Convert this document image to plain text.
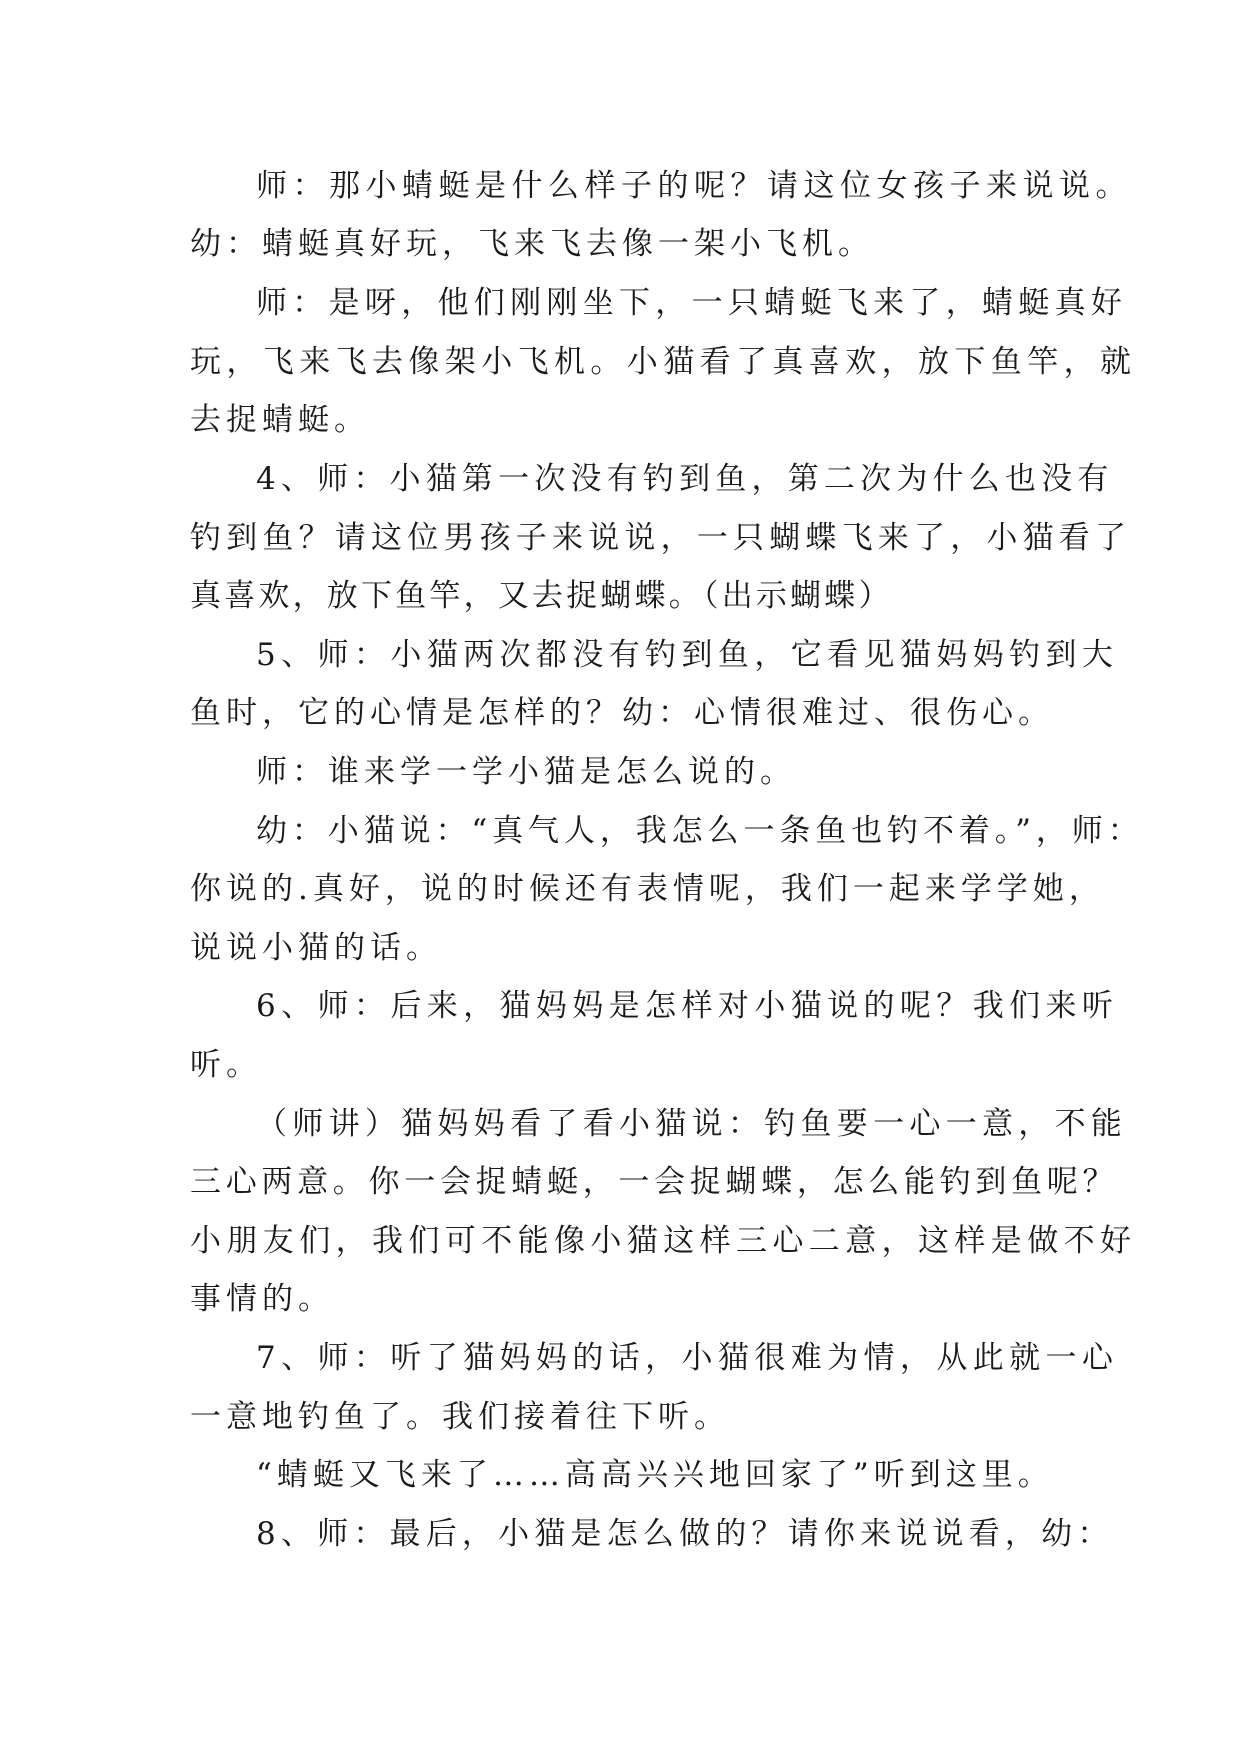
师：那小蜻蜓是什么样子的呢？请这位女孩子来说说。
幼：蜻蜓真好玩，飞来飞去像一架小飞机。
师：是呀，他们刚刚坐下，一只蜻蜓飞来了，蜻蜓真好
玩，飞来飞去像架小飞机。小猫看了真喜欢，放下鱼竿，就
去捉蜻蜓。
4、师：小猫第一次没有钓到鱼，第二次为什么也没有
钓到鱼？请这位男孩子来说说，一只蝴蝶飞来了，小猫看了
真喜欢，放下鱼竿，又去捉蝴蝶。（出示蝴蝶）
5、师：小猫两次都没有钓到鱼，它看见猫妈妈钓到大
鱼时，它的心情是怎样的？幼：心情很难过、很伤心。
师：谁来学一学小猫是怎么说的。
幼：小猫说：“真气人，我怎么一条鱼也钓不着。”，师：
你说的.真好，说的时候还有表情呢，我们一起来学学她，
说说小猫的话。
6、师：后来，猫妈妈是怎样对小猫说的呢？我们来听
听。
（师讲）猫妈妈看了看小猫说：钓鱼要一心一意，不能
三心两意。你一会捉蜻蜓，一会捉蝴蝶，怎么能钓到鱼呢？
小朋友们，我们可不能像小猫这样三心二意，这样是做不好
事情的。
7、师：听了猫妈妈的话，小猫很难为情，从此就一心
一意地钓鱼了。我们接着往下听。
“蜻蜓又飞来了……高高兴兴地回家了”听到这里。
8、师：最后，小猫是怎么做的？请你来说说看，幼：
